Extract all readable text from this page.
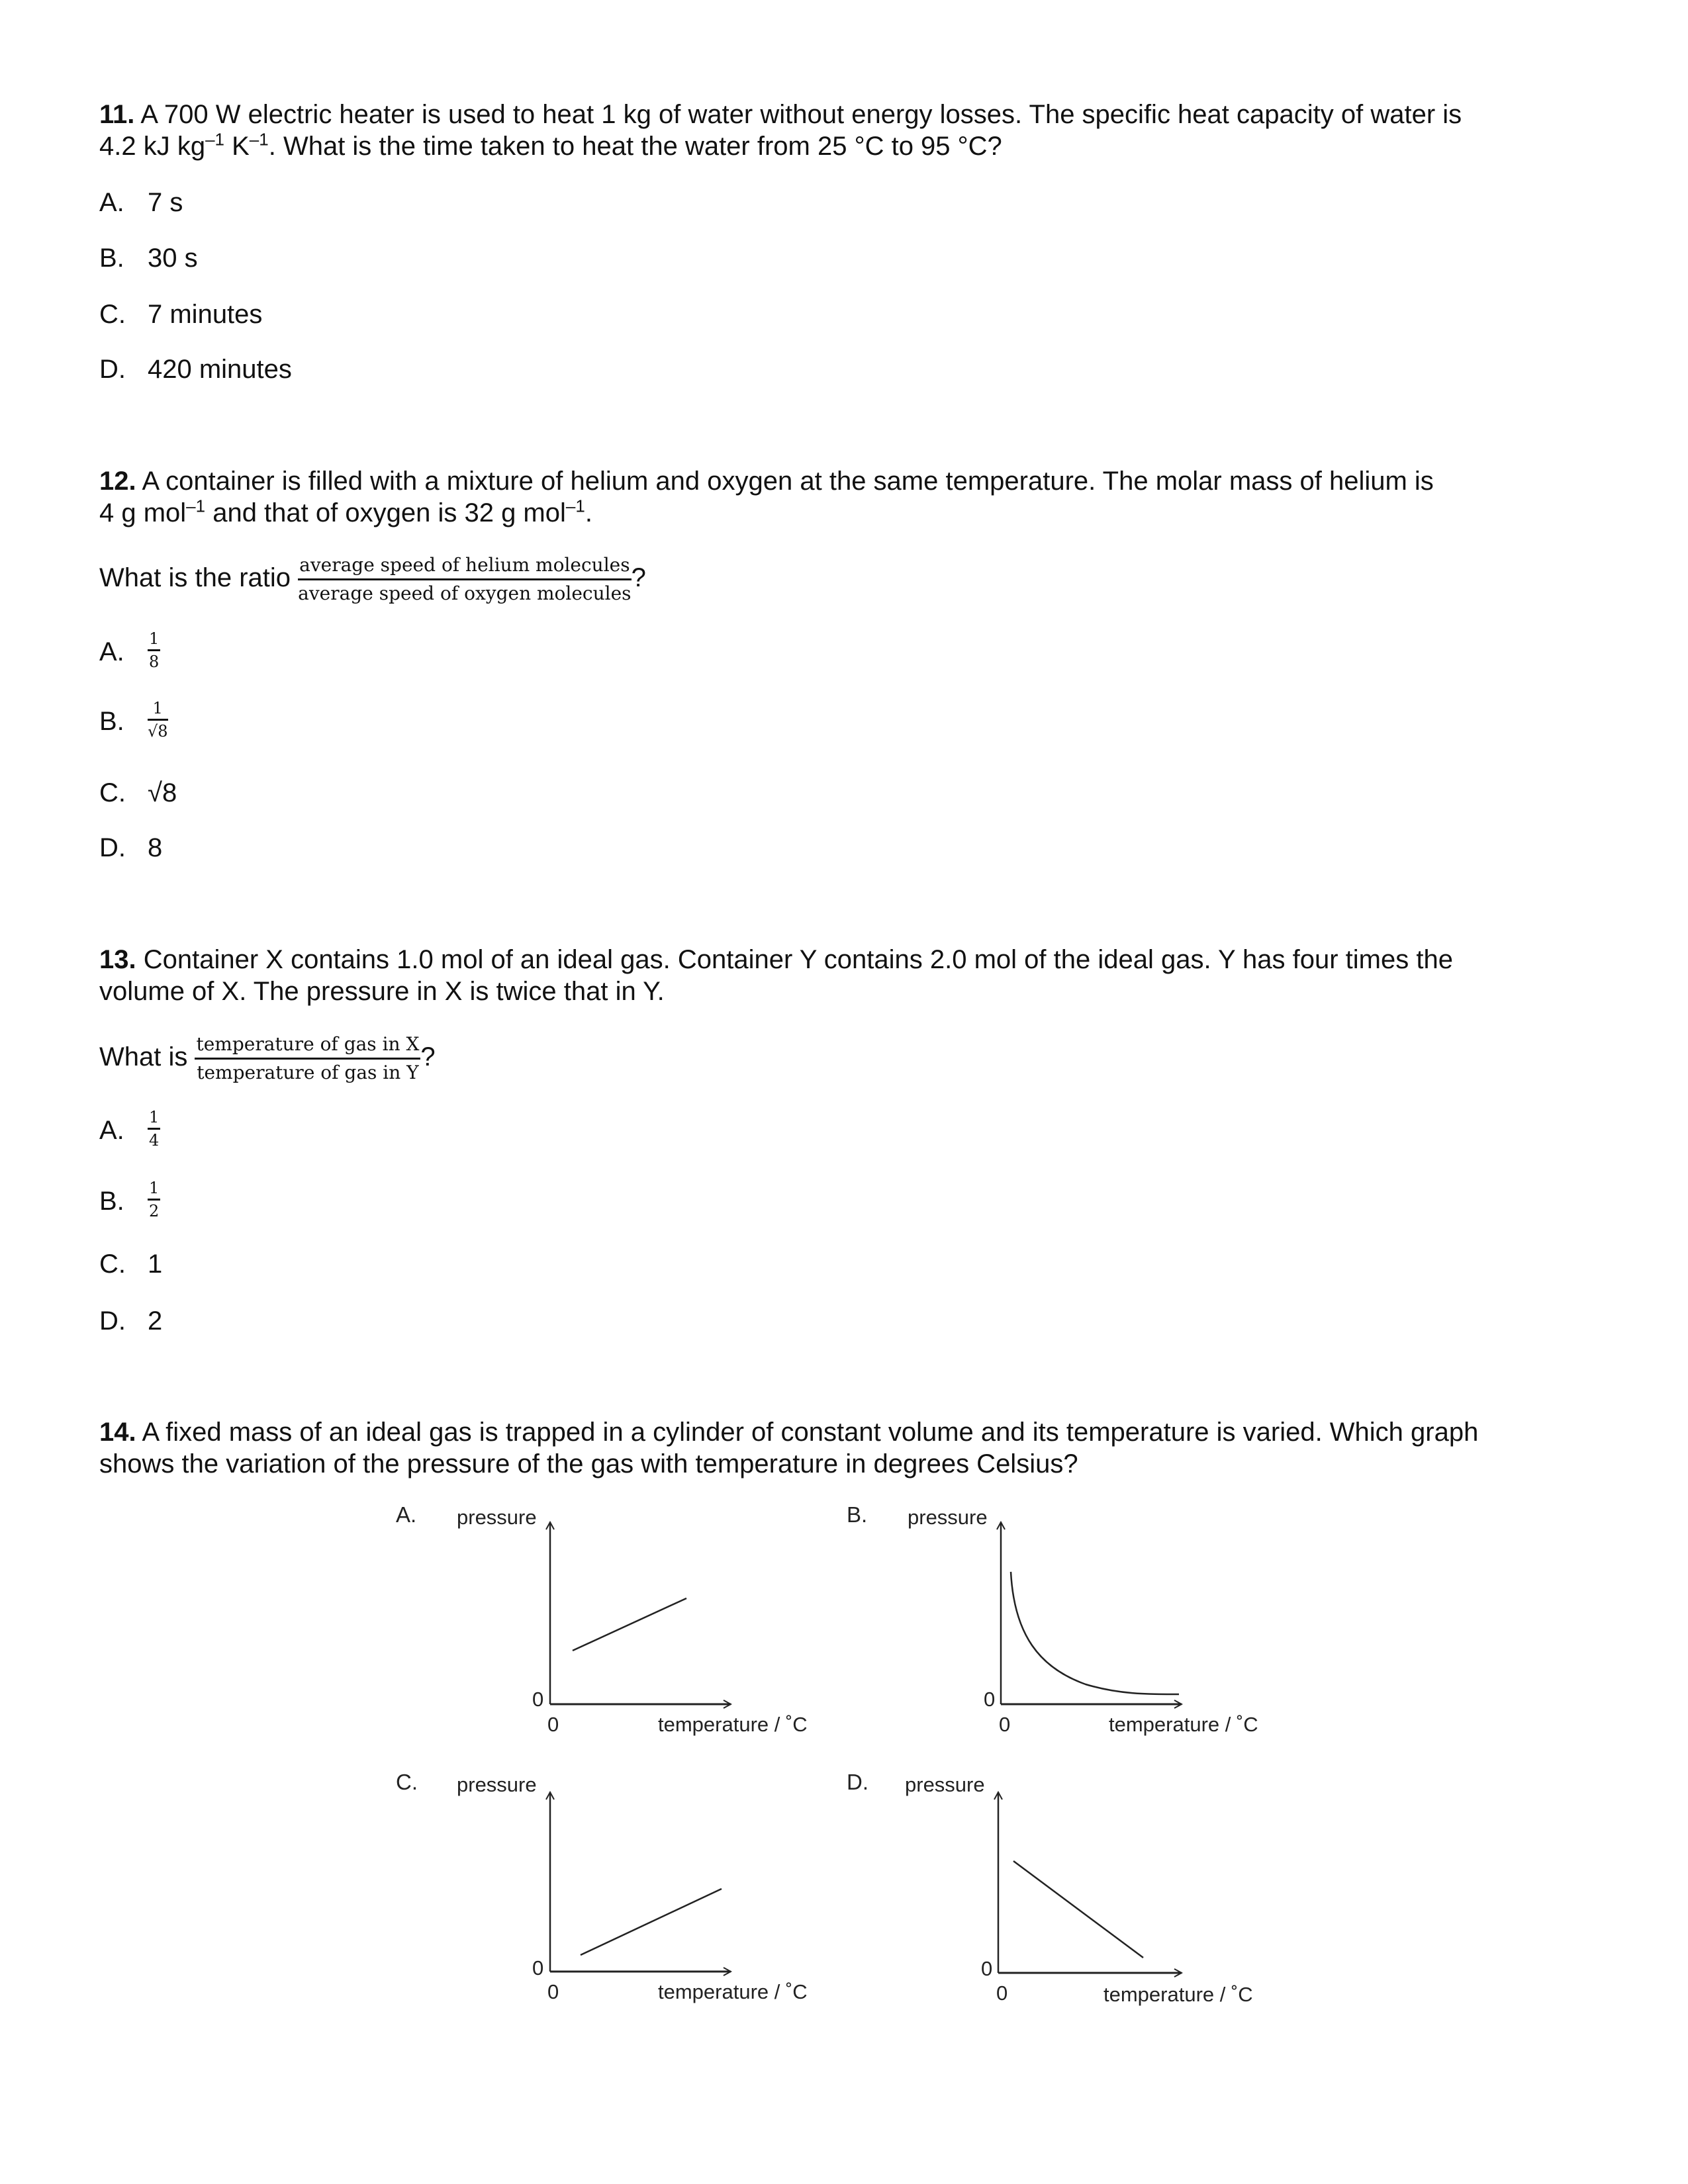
11. A 700 W electric heater is used to heat 1 kg of water without energy losses. The specific heat capacity of water is
4.2 kJ $kg^{-1}$ $K^{-1}$. What is the time taken to heat the water from 25 °C to 95 °C?
A. 7 s
B. 30 s
C. 7 minutes
D. 420 minutes
12. A container is filled with a mixture of helium and oxygen at the same temperature. The molar mass of helium is
4 g mol$^{-1}$ and that of oxygen is 32 g mol$^{-1}$.
What is the ratio $\frac{\text{average speed of helium molecules}}{\text{average speed of oxygen molecules}}$ ?
A. $\frac{1}{8}$
B. $\frac{1}{√8}$
C. √8
D. 8
13. Container X contains 1.0 mol of an ideal gas. Container Y contains 2.0 mol of the ideal gas. Y has four times the
volume of X. The pressure in X is twice that in Y.
What is $\frac{\text{temperature of gas in X}}{\text{temperature of gas in Y}}$ ?
A. $\frac{1}{4}$
B. $\frac{1}{2}$
C. 1
D. 2
14. A fixed mass of an ideal gas is trapped in a cylinder of constant volume and its temperature is varied. Which graph
shows the variation of the pressure of the gas with temperature in degrees Celsius?
A. pressure
0
0	temperature / ˚C
B. pressure
0
0	temperature / ˚C
C. pressure
0
0	temperature / ˚C
D. pressure
0
0	temperature / ˚C
